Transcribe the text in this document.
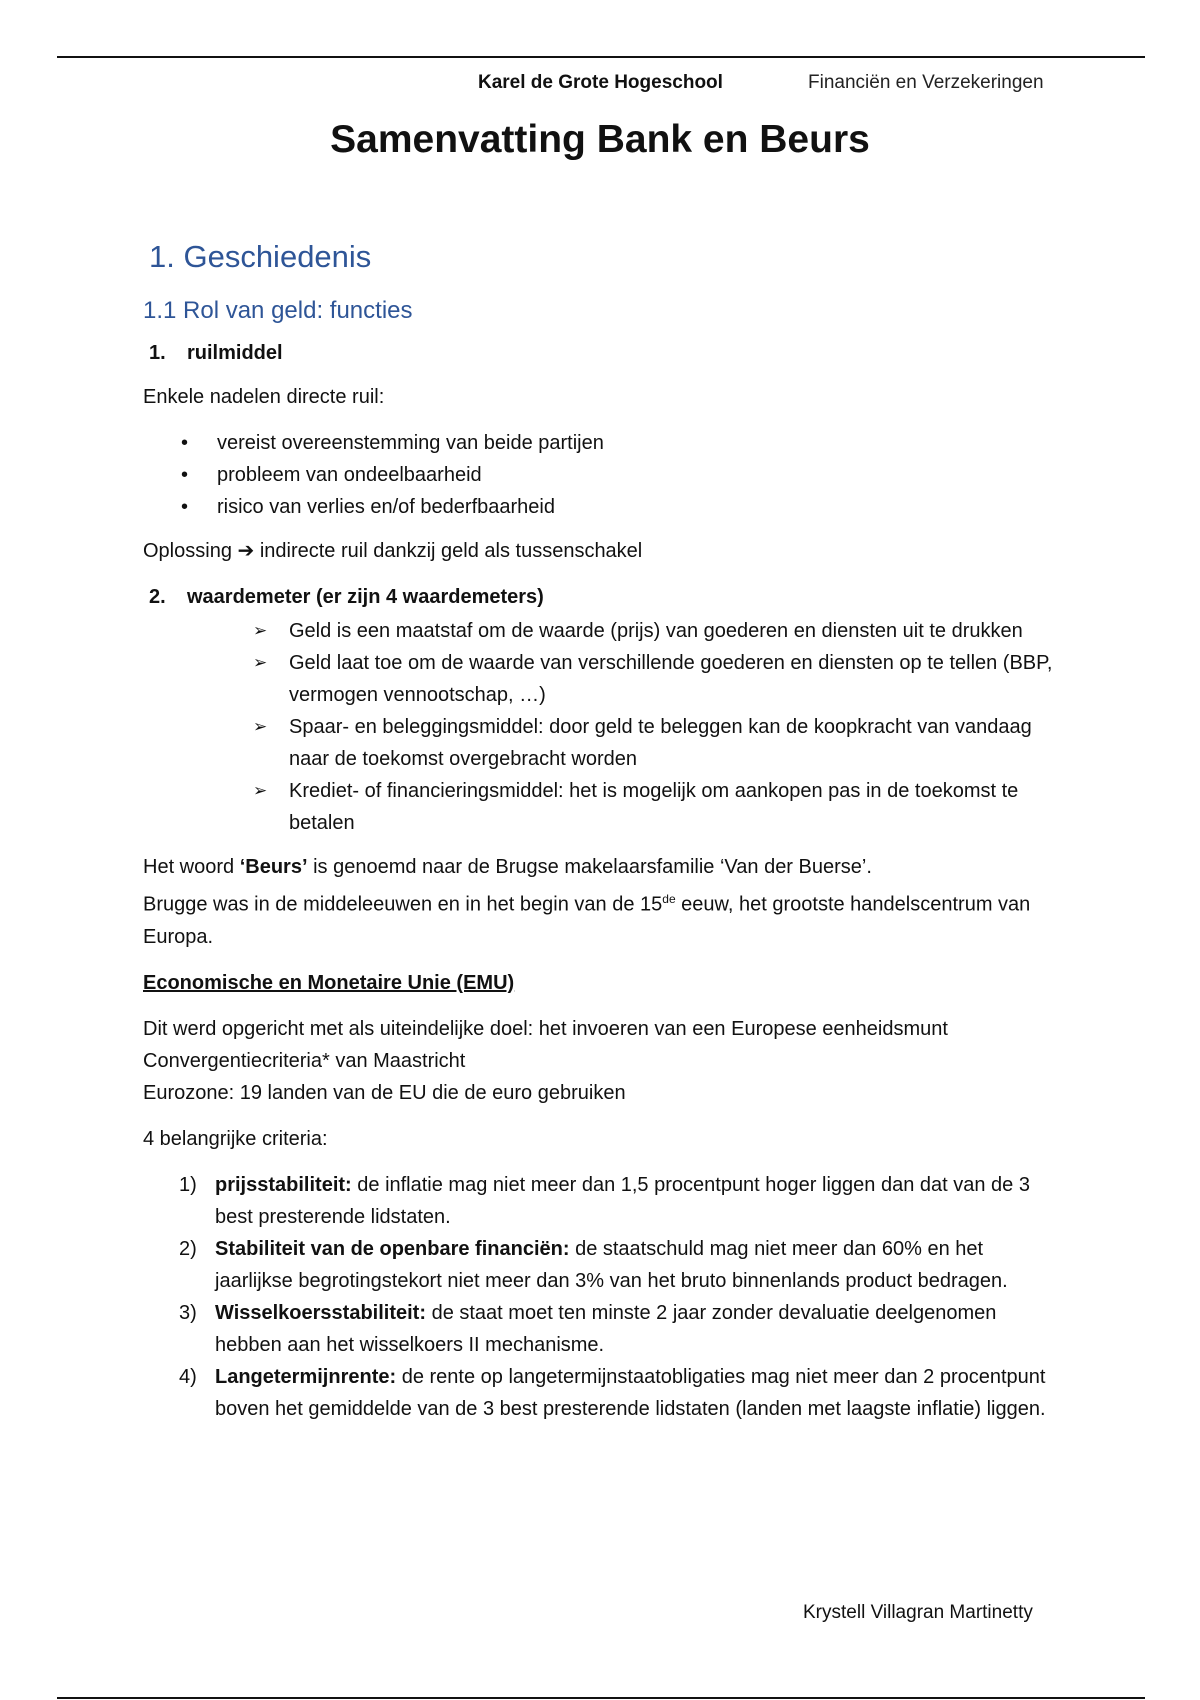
Karel de Grote Hogeschool	Financiën en Verzekeringen
Samenvatting Bank en Beurs
1. Geschiedenis
1.1 Rol van geld: functies
1. ruilmiddel

Enkele nadelen directe ruil:

• vereist overeenstemming van beide partijen
• probleem van ondeelbaarheid
• risico van verlies en/of bederfbaarheid

Oplossing ➔ indirecte ruil dankzij geld als tussenschakel

2. waardemeter (er zijn 4 waardemeters)
➢ Geld is een maatstaf om de waarde (prijs) van goederen en diensten uit te drukken
➢ Geld laat toe om de waarde van verschillende goederen en diensten op te tellen (BBP, vermogen vennootschap, …)
➢ Spaar- en beleggingsmiddel: door geld te beleggen kan de koopkracht van vandaag naar de toekomst overgebracht worden
➢ Krediet- of financieringsmiddel: het is mogelijk om aankopen pas in de toekomst te betalen

Het woord ‘Beurs’ is genoemd naar de Brugse makelaarsfamilie ‘Van der Buerse’.
Brugge was in de middeleeuwen en in het begin van de 15de eeuw, het grootste handelscentrum van Europa.

Economische en Monetaire Unie (EMU)

Dit werd opgericht met als uiteindelijke doel: het invoeren van een Europese eenheidsmunt
Convergentiecriteria* van Maastricht
Eurozone: 19 landen van de EU die de euro gebruiken

4 belangrijke criteria:

1) prijsstabiliteit: de inflatie mag niet meer dan 1,5 procentpunt hoger liggen dan dat van de 3 best presterende lidstaten.
2) Stabiliteit van de openbare financiën: de staatschuld mag niet meer dan 60% en het jaarlijkse begrotingstekort niet meer dan 3% van het bruto binnenlands product bedragen.
3) Wisselkoersstabiliteit: de staat moet ten minste 2 jaar zonder devaluatie deelgenomen hebben aan het wisselkoers II mechanisme.
4) Langetermijnrente: de rente op langetermijnstaatobligaties mag niet meer dan 2 procentpunt boven het gemiddelde van de 3 best presterende lidstaten (landen met laagste inflatie) liggen.
Krystell Villagran Martinetty
